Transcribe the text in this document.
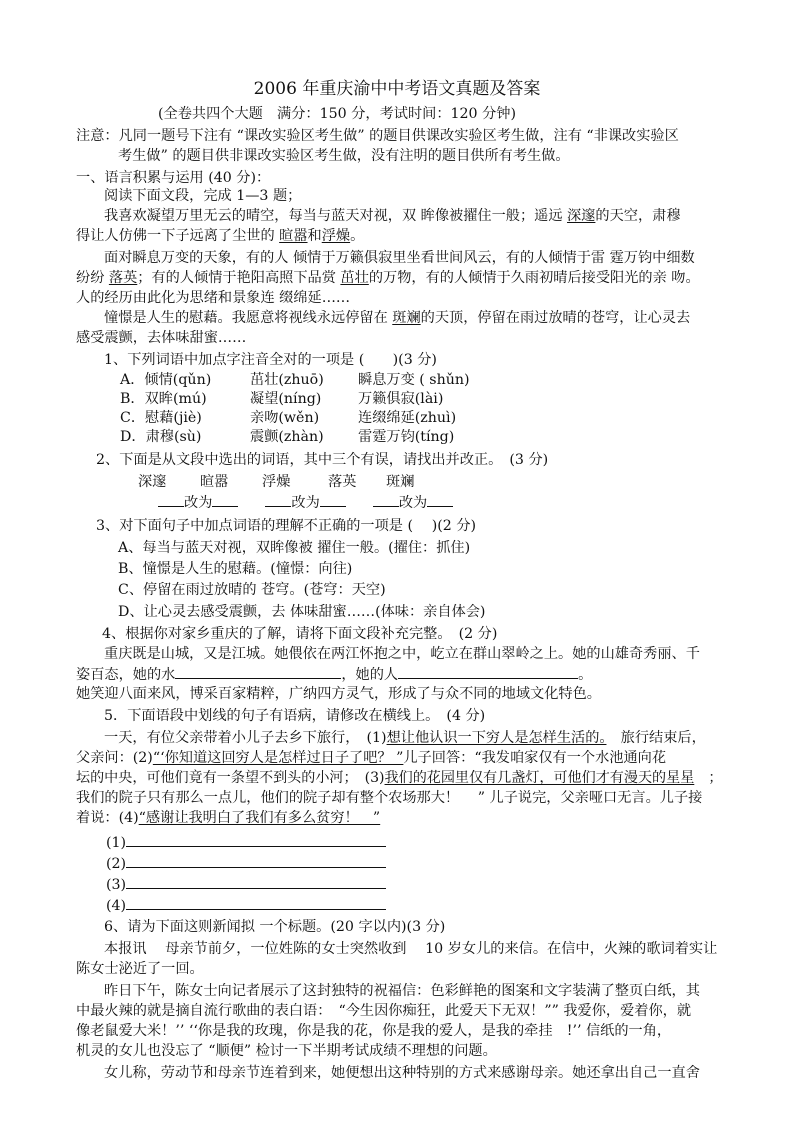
2006 年重庆渝中中考语文真题及答案
(全卷共四个大题　满分：150 分，考试时间：120 分钟)
注意：凡同一题号下注有 “课改实验区考生做” 的题目供课改实验区考生做，注有 “非课改实验区
考生做” 的题目供非课改实验区考生做，没有注明的题目供所有考生做。
一、语言积累与运用 (40 分)：
阅读下面文段，完成 1—3 题；
我喜欢凝望万里无云的晴空，每当与蓝天对视，双 眸像被擢住一般；遥远 深邃的天空，肃穆
得让人仿佛一下子远离了尘世的 暄嚣和浮燥。
面对瞬息万变的天象，有的人 倾情于万籁俱寂里坐看世间风云，有的人倾情于雷 霆万钧中细数
纷纷 落英；有的人倾情于艳阳高照下品赏 茁壮的万物，有的人倾情于久雨初晴后接受阳光的亲 吻。
人的经历由此化为思绪和景象连 缀绵延……
憧憬是人生的慰藉。我愿意将视线永远停留在 斑斓的天顶，停留在雨过放晴的苍穹，让心灵去
感受震颤，去体味甜蜜……
1、下列词语中加点字注音全对的一项是 (　　)(3 分)
A．倾情(qǔn)	茁壮(zhuō) 瞬息万变 ( shǔn)
B．双眸(mú)	凝望(níng)	万籁俱寂(lài)
C．慰藉(jiè)	亲吻(wěn)	连缀绵延(zhuì)
D．肃穆(sù)	震颤(zhàn) 雷霆万钧(tíng)
2、下面是从文段中选出的词语，其中三个有误，请找出并改正。　(3 分)
深邃 暄嚣 浮燥	落英 斑斓
改为	改为	改为
3、对下面句子中加点词语的理解不正确的一项是 (　 )(2 分)
A、每当与蓝天对视，双眸像被 擢住一般。(擢住：抓住)
B、憧憬是人生的慰藉。(憧憬：向往)
C、停留在雨过放晴的 苍穹。(苍穹：天空)
D、让心灵去感受震颤，去 体味甜蜜……(体味：亲自体会)
4、根据你对家乡重庆的了解，请将下面文段补充完整。　(2 分)
重庆既是山城，又是江城。她偎依在两江怀抱之中，屹立在群山翠岭之上。她的山雄奇秀丽、千
姿百态，她的水	，她的人	。
她笑迎八面来风，博采百家精粹，广纳四方灵气，形成了与众不同的地域文化特色。
5．下面语段中划线的句子有语病，请修改在横线上。　(4 分)
一天，有位父亲带着小儿子去乡下旅行，　(1)想让他认识一下穷人是怎样生活的。　旅行结束后，
父亲问：(2)“‘你知道这回穷人是怎样过日子了吧？ ”儿子回答：“我发咱家仅有一个水池通向花
坛的中央，可他们竟有一条望不到头的小河；　(3)我们的花园里仅有几盏灯，可他们才有漫天的星星　；
我们的院子只有那么一点儿，他们的院子却有整个农场那大！　 ” 儿子说完，父亲哑口无言。儿子接
着说：(4)“感谢让我明白了我们有多么贫穷！　”
(1)
(2)
(3)
(4)
6、请为下面这则新闻拟 一个标题。(20 字以内)(3 分)
本报讯　 母亲节前夕，一位姓陈的女士突然收到　 10 岁女儿的来信。在信中，火辣的歌词着实让
陈女士泌近了一回。
昨日下午，陈女士向记者展示了这封独特的祝福信：色彩鲜艳的图案和文字装满了整页白纸，其
中最火辣的就是摘自流行歌曲的表白语：　“今生因你痴狂，此爱天下无双！”” 我爱你，爱着你，就
像老鼠爱大米！’’ ‘‘你是我的玫瑰，你是我的花，你是我的爱人，是我的牵挂　!’’ 信纸的一角，
机灵的女儿也没忘了 “顺便” 检讨一下半期考试成绩不理想的问题。
女儿称，劳动节和母亲节连着到来，她便想出这种特别的方式来感谢母亲。她还拿出自己一直舍
